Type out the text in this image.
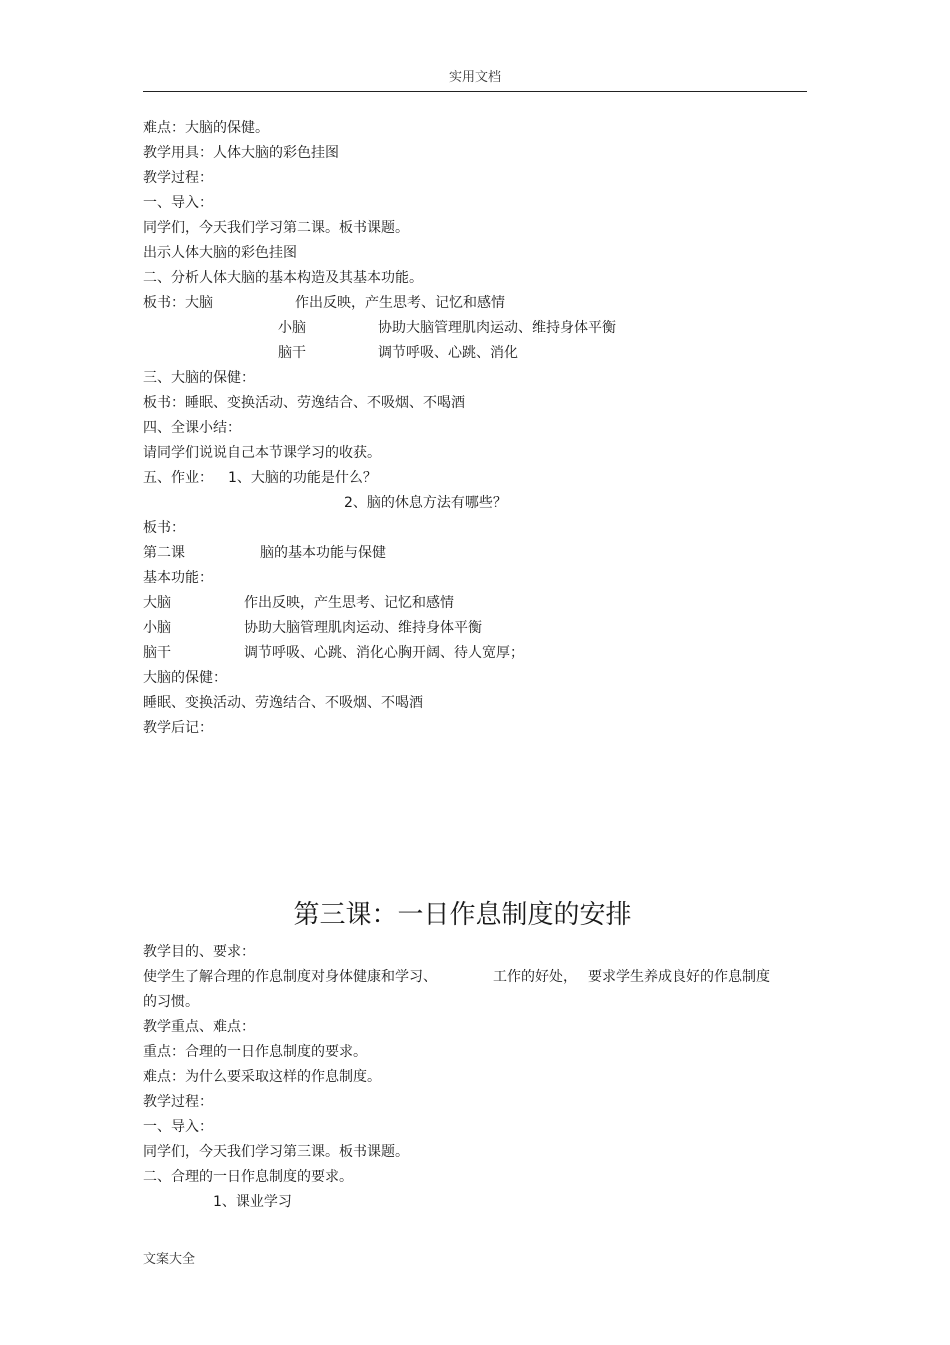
实用文档
难点：大脑的保健。
教学用具：人体大脑的彩色挂图
教学过程：
一、导入：
同学们，今天我们学习第二课。板书课题。
出示人体大脑的彩色挂图
二、分析人体大脑的基本构造及其基本功能。
板书：大脑	作出反映，产生思考、记忆和感情
小脑	协助大脑管理肌肉运动、维持身体平衡
脑干	调节呼吸、心跳、消化
三、大脑的保健：
板书：睡眠、变换活动、劳逸结合、不吸烟、不喝酒
四、全课小结：
请同学们说说自己本节课学习的收获。
五、作业： 1、大脑的功能是什么？
2、脑的休息方法有哪些？
板书：
第二课	脑的基本功能与保健
基本功能：
大脑	作出反映，产生思考、记忆和感情
小脑	协助大脑管理肌肉运动、维持身体平衡
脑干	调节呼吸、心跳、消化心胸开阔、待人宽厚；
大脑的保健：
睡眠、变换活动、劳逸结合、不吸烟、不喝酒
教学后记：
第三课：一日作息制度的安排
教学目的、要求：
使学生了解合理的作息制度对身体健康和学习、	工作的好处， 要求学生养成良好的作息制度
的习惯。
教学重点、难点：
重点：合理的一日作息制度的要求。
难点：为什么要采取这样的作息制度。
教学过程：
一、导入：
同学们，今天我们学习第三课。板书课题。
二、合理的一日作息制度的要求。
1、课业学习
文案大全
